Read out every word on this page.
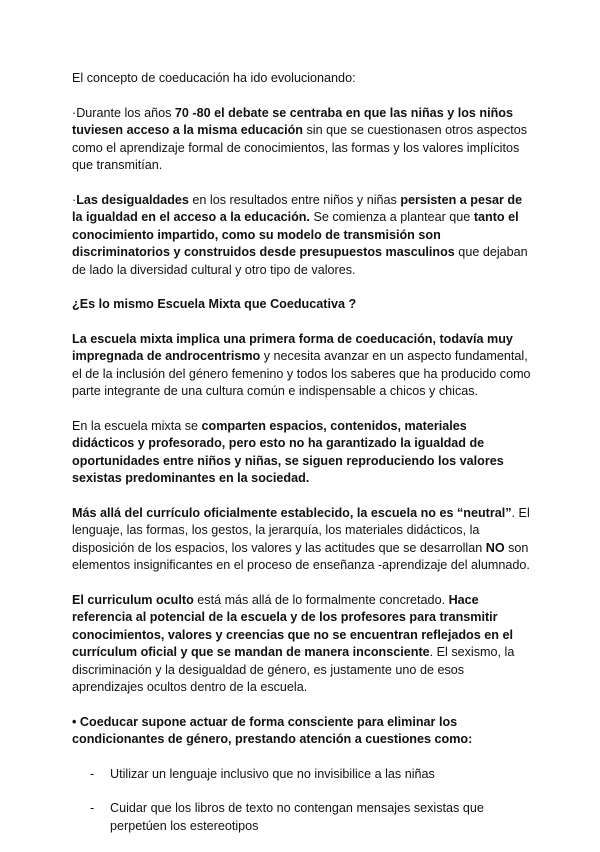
El concepto de coeducación ha ido evolucionando:

·Durante los años 70 -80 el debate se centraba en que las niñas y los niños tuviesen acceso a la misma educación sin que se cuestionasen otros aspectos como el aprendizaje formal de conocimientos, las formas y los valores implícitos que transmitían.

·Las desigualdades en los resultados entre niños y niñas persisten a pesar de la igualdad en el acceso a la educación. Se comienza a plantear que tanto el conocimiento impartido, como su modelo de transmisión son discriminatorios y construidos desde presupuestos masculinos que dejaban de lado la diversidad cultural y otro tipo de valores.

¿Es lo mismo Escuela Mixta que Coeducativa ?

La escuela mixta implica una primera forma de coeducación, todavía muy impregnada de androcentrismo y necesita avanzar en un aspecto fundamental, el de la inclusión del género femenino y todos los saberes que ha producido como parte integrante de una cultura común e indispensable a chicos y chicas.

En la escuela mixta se comparten espacios, contenidos, materiales didácticos y profesorado, pero esto no ha garantizado la igualdad de oportunidades entre niños y niñas, se siguen reproduciendo los valores sexistas predominantes en la sociedad.

Más allá del currículo oficialmente establecido, la escuela no es “neutral”. El lenguaje, las formas, los gestos, la jerarquía, los materiales didácticos, la disposición de los espacios, los valores y las actitudes que se desarrollan NO son elementos insignificantes en el proceso de enseñanza -aprendizaje del alumnado.

El curriculum oculto está más allá de lo formalmente concretado. Hace referencia al potencial de la escuela y de los profesores para transmitir conocimientos, valores y creencias que no se encuentran reflejados en el currículum oficial y que se mandan de manera inconsciente. El sexismo, la discriminación y la desigualdad de género, es justamente uno de esos aprendizajes ocultos dentro de la escuela.

• Coeducar supone actuar de forma consciente para eliminar los condicionantes de género, prestando atención a cuestiones como:

- Utilizar un lenguaje inclusivo que no invisibilice a las niñas
- Cuidar que los libros de texto no contengan mensajes sexistas que perpetúen los estereotipos
